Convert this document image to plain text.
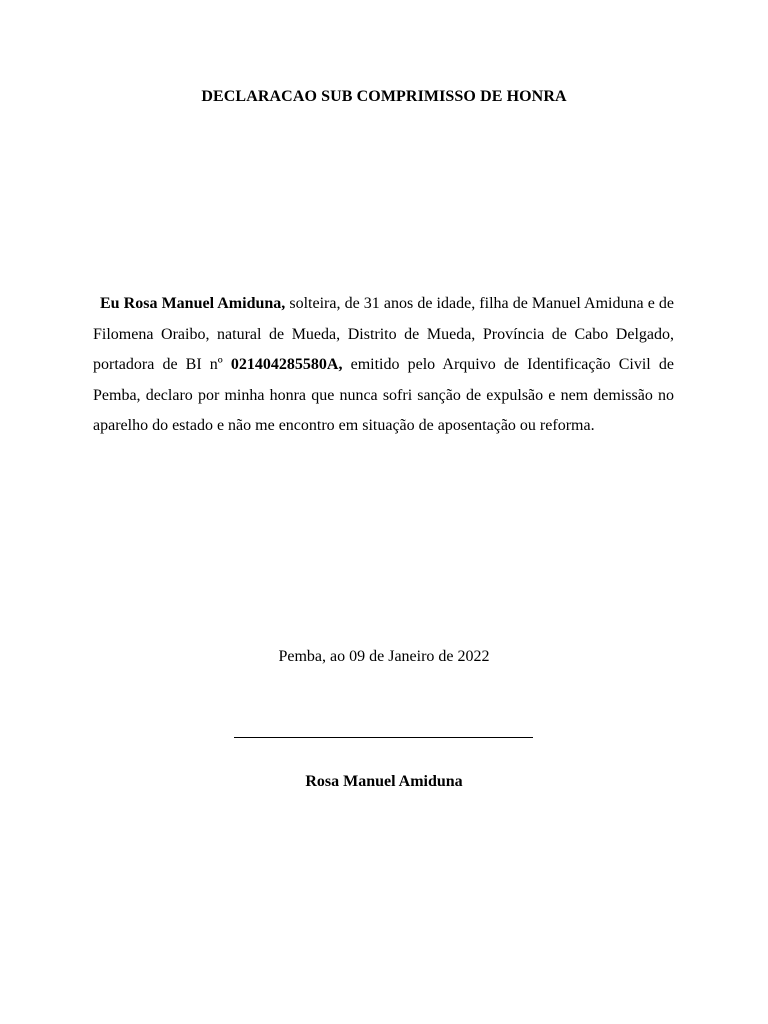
DECLARACAO SUB COMPRIMISSO DE HONRA

Eu Rosa Manuel Amiduna, solteira, de 31 anos de idade, filha de Manuel Amiduna e de Filomena Oraibo, natural de Mueda, Distrito de Mueda, Província de Cabo Delgado, portadora de BI nº 021404285580A, emitido pelo Arquivo de Identificação Civil de Pemba, declaro por minha honra que nunca sofri sanção de expulsão e nem demissão no aparelho do estado e não me encontro em situação de aposentação ou reforma.

Pemba, ao 09 de Janeiro de 2022
Rosa Manuel Amiduna
